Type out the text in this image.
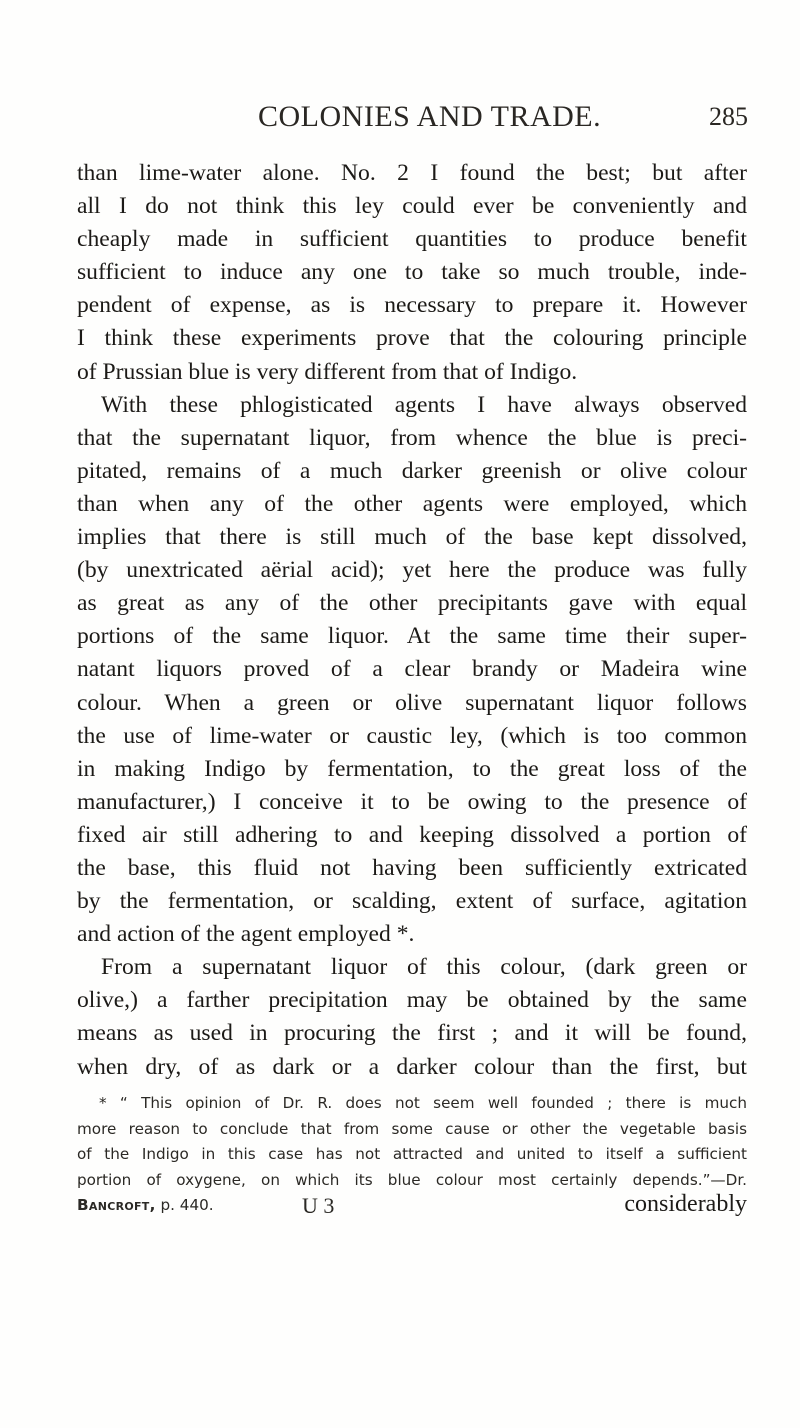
COLONIES AND TRADE.	285
than lime-water alone. No. 2 I found the best; but after
all I do not think this ley could ever be conveniently and
cheaply made in sufficient quantities to produce benefit
sufficient to induce any one to take so much trouble, inde-
pendent of expense, as is necessary to prepare it. However
I think these experiments prove that the colouring principle
of Prussian blue is very different from that of Indigo.
With these phlogisticated agents I have always observed
that the supernatant liquor, from whence the blue is preci-
pitated, remains of a much darker greenish or olive colour
than when any of the other agents were employed, which
implies that there is still much of the base kept dissolved,
(by unextricated aërial acid); yet here the produce was fully
as great as any of the other precipitants gave with equal
portions of the same liquor. At the same time their super-
natant liquors proved of a clear brandy or Madeira wine
colour. When a green or olive supernatant liquor follows
the use of lime-water or caustic ley, (which is too common
in making Indigo by fermentation, to the great loss of the
manufacturer,) I conceive it to be owing to the presence of
fixed air still adhering to and keeping dissolved a portion of
the base, this fluid not having been sufficiently extricated
by the fermentation, or scalding, extent of surface, agitation
and action of the agent employed *.
From a supernatant liquor of this colour, (dark green or
olive,) a farther precipitation may be obtained by the same
means as used in procuring the first ; and it will be found,
when dry, of as dark or a darker colour than the first, but
* “ This opinion of Dr. R. does not seem well founded ; there is much
more reason to conclude that from some cause or other the vegetable basis
of the Indigo in this case has not attracted and united to itself a sufficient
portion of oxygene, on which its blue colour most certainly depends.”—Dr.
Bancroft, p. 440.	U 3	considerably
